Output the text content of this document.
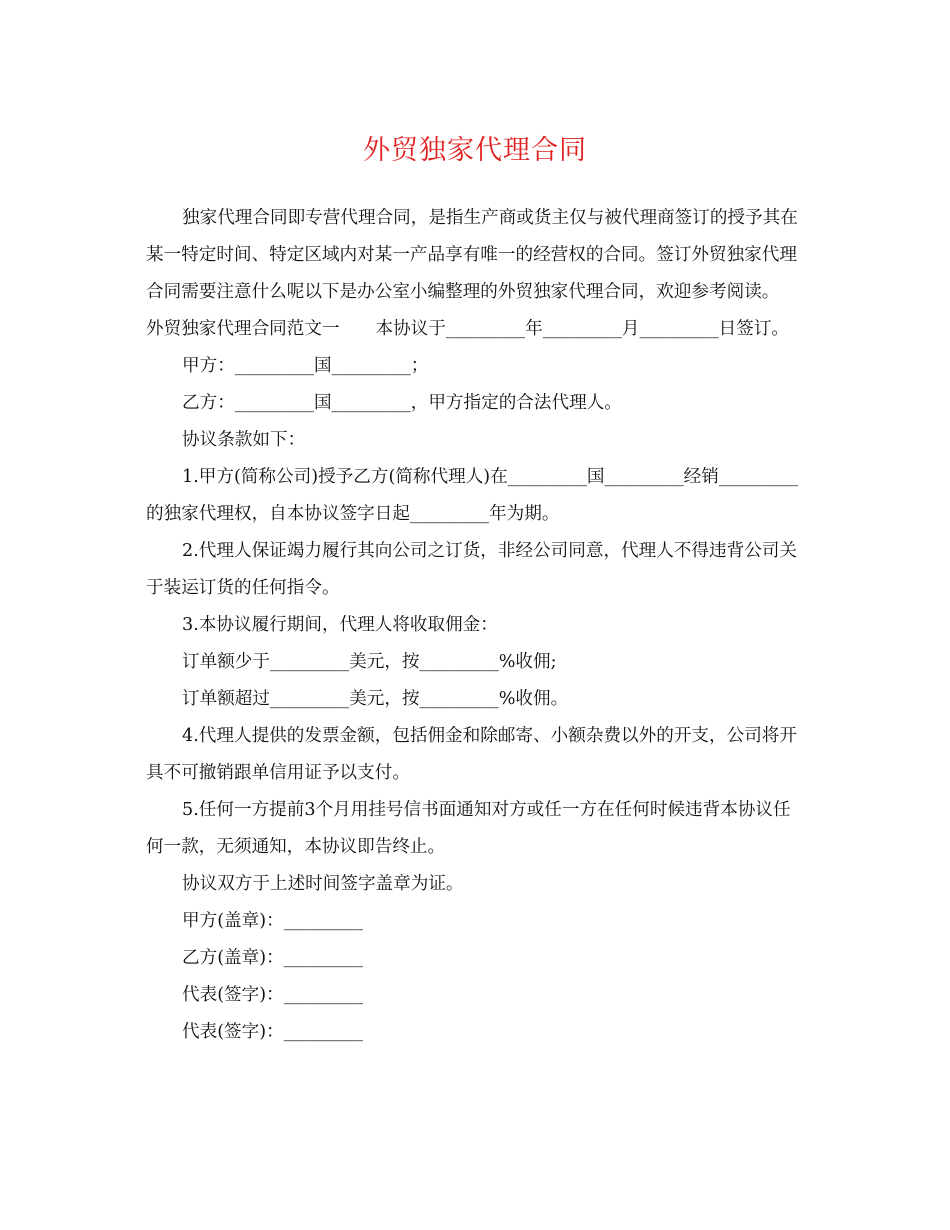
外贸独家代理合同

独家代理合同即专营代理合同，是指生产商或货主仅与被代理商签订的授予其在某一特定时间、特定区域内对某一产品享有唯一的经营权的合同。签订外贸独家代理合同需要注意什么呢以下是办公室小编整理的外贸独家代理合同，欢迎参考阅读。

外贸独家代理合同范文一 本协议于_________年_________月_________日签订。

甲方：_________国_________；

乙方：_________国_________，甲方指定的合法代理人。

协议条款如下：

1.甲方(简称公司)授予乙方(简称代理人)在_________国_________经销_________的独家代理权，自本协议签字日起_________年为期。

2.代理人保证竭力履行其向公司之订货，非经公司同意，代理人不得违背公司关于装运订货的任何指令。

3.本协议履行期间，代理人将收取佣金：

订单额少于_________美元，按_________%收佣;

订单额超过_________美元，按_________%收佣。

4.代理人提供的发票金额，包括佣金和除邮寄、小额杂费以外的开支，公司将开具不可撤销跟单信用证予以支付。

5.任何一方提前3个月用挂号信书面通知对方或任一方在任何时候违背本协议任何一款，无须通知，本协议即告终止。

协议双方于上述时间签字盖章为证。

甲方(盖章)：_________

乙方(盖章)：_________

代表(签字)：_________

代表(签字)：_________
